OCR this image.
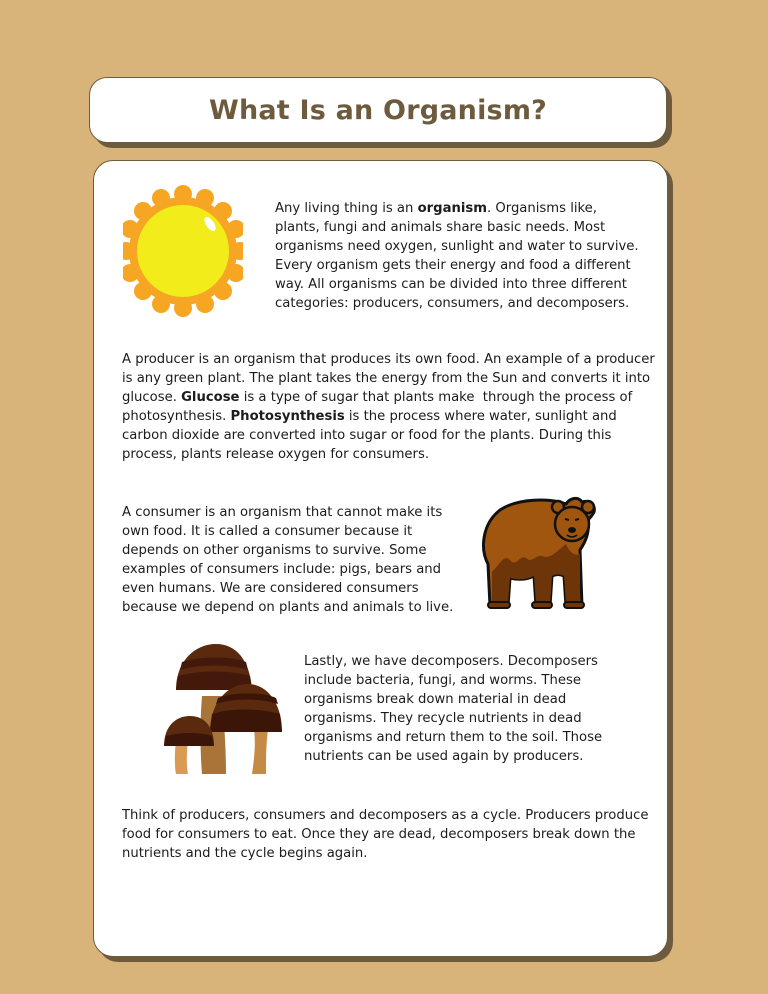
What Is an Organism?

Any living thing is an organism. Organisms like, plants, fungi and animals share basic needs. Most organisms need oxygen, sunlight and water to survive. Every organism gets their energy and food a different way. All organisms can be divided into three different categories: producers, consumers, and decomposers.

A producer is an organism that produces its own food. An example of a producer is any green plant. The plant takes the energy from the Sun and converts it into glucose. Glucose is a type of sugar that plants make  through the process of photosynthesis. Photosynthesis is the process where water, sunlight and carbon dioxide are converted into sugar or food for the plants. During this process, plants release oxygen for consumers.

A consumer is an organism that cannot make its own food. It is called a consumer because it depends on other organisms to survive. Some examples of consumers include: pigs, bears and even humans. We are considered consumers because we depend on plants and animals to live.

Lastly, we have decomposers. Decomposers include bacteria, fungi, and worms. These organisms break down material in dead organisms. They recycle nutrients in dead organisms and return them to the soil. Those nutrients can be used again by producers.

Think of producers, consumers and decomposers as a cycle. Producers produce food for consumers to eat. Once they are dead, decomposers break down the nutrients and the cycle begins again.
